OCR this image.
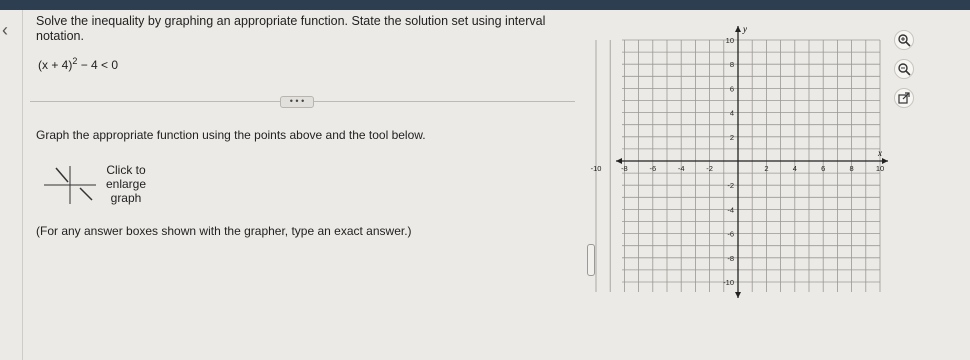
‹ Solve the inequality by graphing an appropriate function. State the solution set using interval
notation.
$(x + 4)^2 - 4 < 0$
• • •
Graph the appropriate function using the points above and the tool below.
Click to
enlarge
graph
(For any answer boxes shown with the grapher, type an exact answer.)
-10	-8	-6	-4	-2	2	4	6	8	10
10
8
6
4
2
-2
-4
-6
-8
-10
x
y
